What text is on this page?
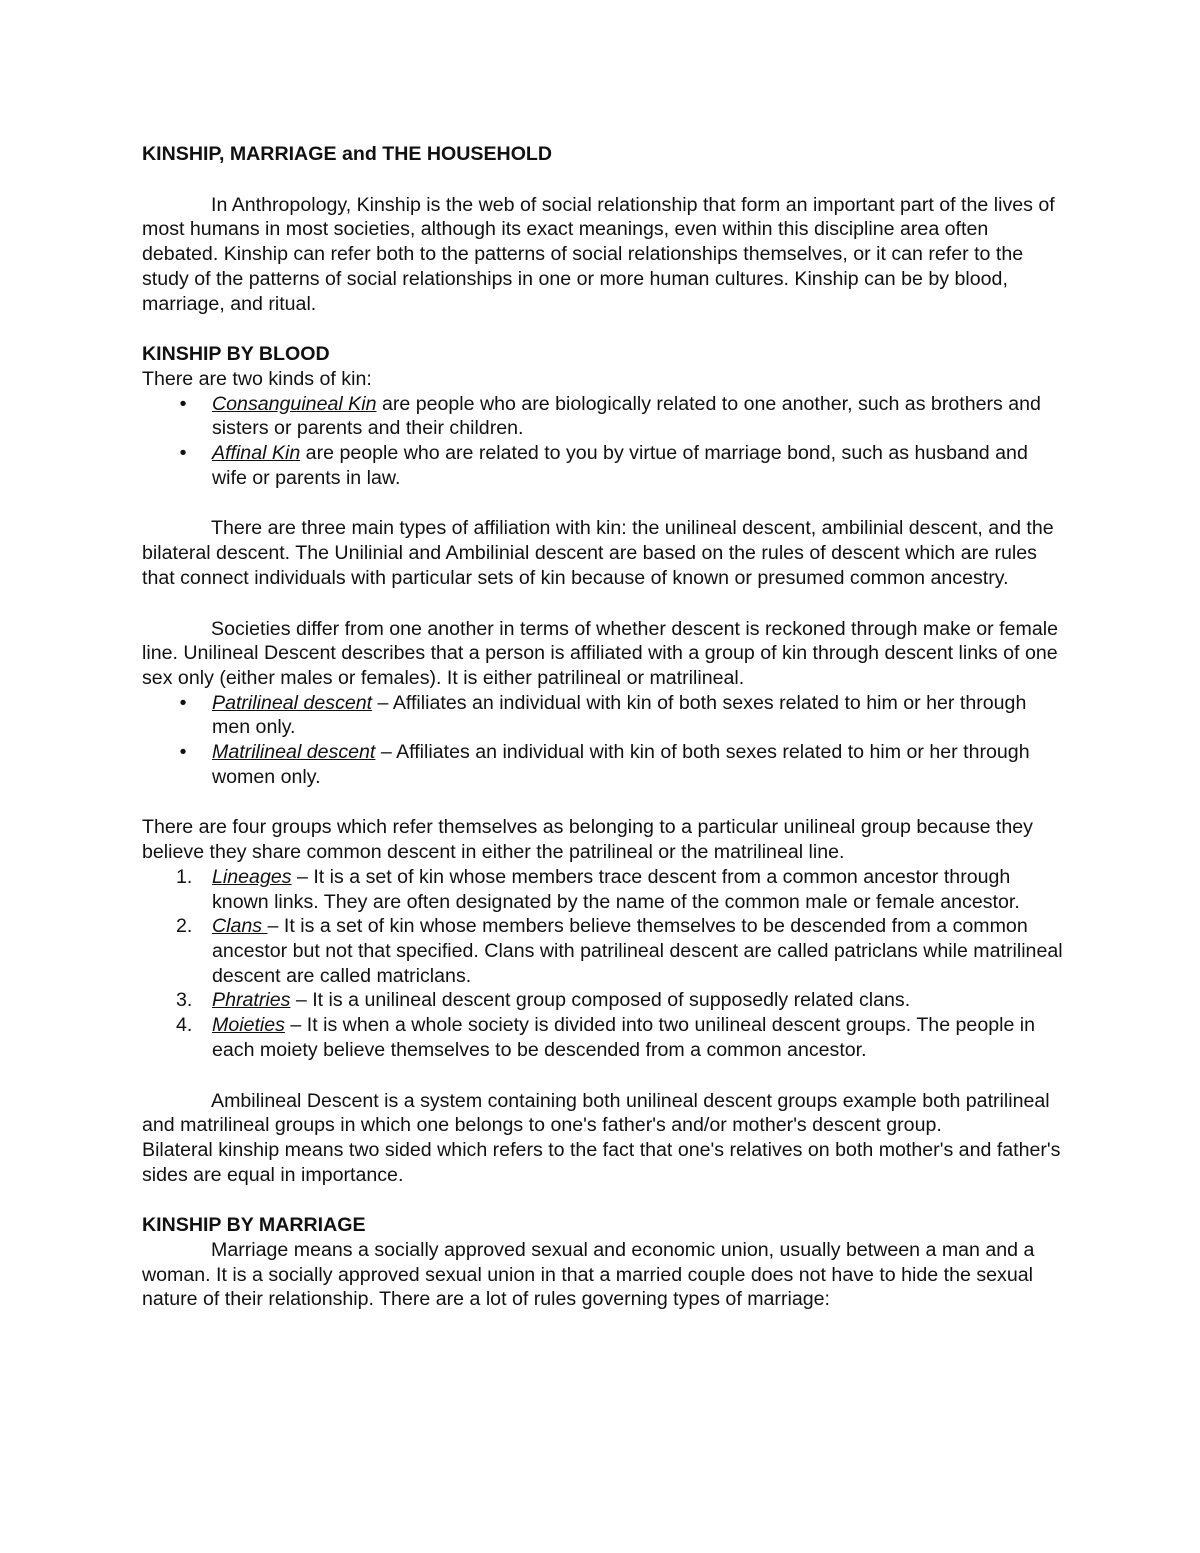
KINSHIP, MARRIAGE and THE HOUSEHOLD

In Anthropology, Kinship is the web of social relationship that form an important part of the lives of most humans in most societies, although its exact meanings, even within this discipline area often debated. Kinship can refer both to the patterns of social relationships themselves, or it can refer to the study of the patterns of social relationships in one or more human cultures. Kinship can be by blood, marriage, and ritual.

KINSHIP BY BLOOD

There are two kinds of kin:

•	Consanguineal Kin are people who are biologically related to one another, such as brothers and sisters or parents and their children.
•	Affinal Kin are people who are related to you by virtue of marriage bond, such as husband and wife or parents in law.

There are three main types of affiliation with kin: the unilineal descent, ambilinial descent, and the bilateral descent. The Unilinial and Ambilinial descent are based on the rules of descent which are rules that connect individuals with particular sets of kin because of known or presumed common ancestry.

Societies differ from one another in terms of whether descent is reckoned through make or female line. Unilineal Descent describes that a person is affiliated with a group of kin through descent links of one sex only (either males or females). It is either patrilineal or matrilineal.

•	Patrilineal descent – Affiliates an individual with kin of both sexes related to him or her through men only.
•	Matrilineal descent – Affiliates an individual with kin of both sexes related to him or her through women only.

There are four groups which refer themselves as belonging to a particular unilineal group because they believe they share common descent in either the patrilineal or the matrilineal line.

1. Lineages – It is a set of kin whose members trace descent from a common ancestor through known links. They are often designated by the name of the common male or female ancestor.
2. Clans – It is a set of kin whose members believe themselves to be descended from a common ancestor but not that specified. Clans with patrilineal descent are called patriclans while matrilineal descent are called matriclans.
3. Phratries – It is a unilineal descent group composed of supposedly related clans.
4. Moieties – It is when a whole society is divided into two unilineal descent groups. The people in each moiety believe themselves to be descended from a common ancestor.

Ambilineal Descent is a system containing both unilineal descent groups example both patrilineal and matrilineal groups in which one belongs to one's father's and/or mother's descent group.

Bilateral kinship means two sided which refers to the fact that one's relatives on both mother's and father's sides are equal in importance.

KINSHIP BY MARRIAGE

Marriage means a socially approved sexual and economic union, usually between a man and a woman. It is a socially approved sexual union in that a married couple does not have to hide the sexual nature of their relationship. There are a lot of rules governing types of marriage:
